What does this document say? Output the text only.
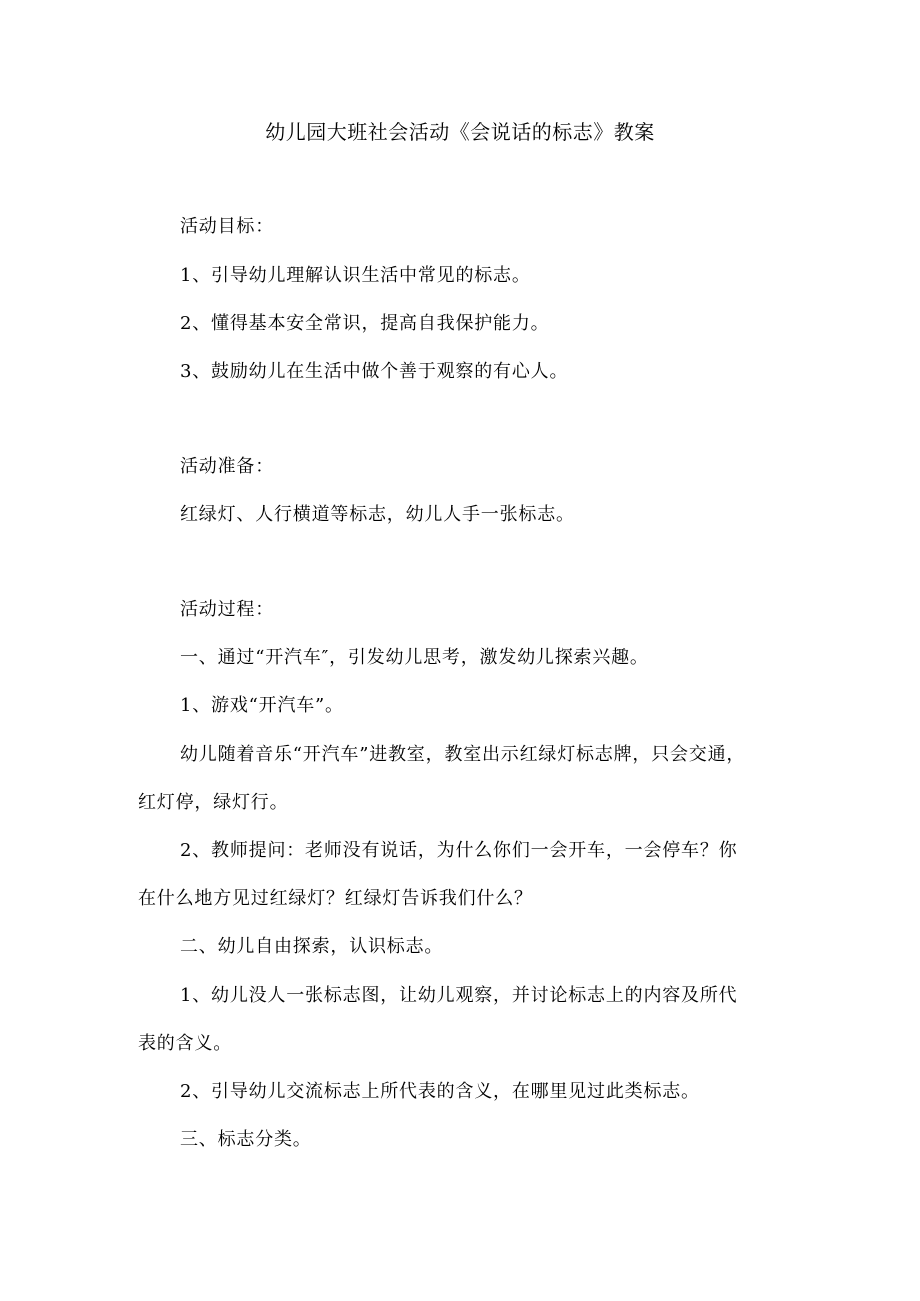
幼儿园大班社会活动《会说话的标志》教案
活动目标：
1、引导幼儿理解认识生活中常见的标志。
2、懂得基本安全常识，提高自我保护能力。
3、鼓励幼儿在生活中做个善于观察的有心人。
活动准备：
红绿灯、人行横道等标志，幼儿人手一张标志。
活动过程：
一、通过“开汽车″，引发幼儿思考，激发幼儿探索兴趣。
1、游戏“开汽车”。
幼儿随着音乐“开汽车”进教室，教室出示红绿灯标志牌，只会交通，
红灯停，绿灯行。
2、教师提问：老师没有说话，为什么你们一会开车，一会停车？你
在什么地方见过红绿灯？红绿灯告诉我们什么？
二、幼儿自由探索，认识标志。
1、幼儿没人一张标志图，让幼儿观察，并讨论标志上的内容及所代
表的含义。
2、引导幼儿交流标志上所代表的含义，在哪里见过此类标志。
三、标志分类。
